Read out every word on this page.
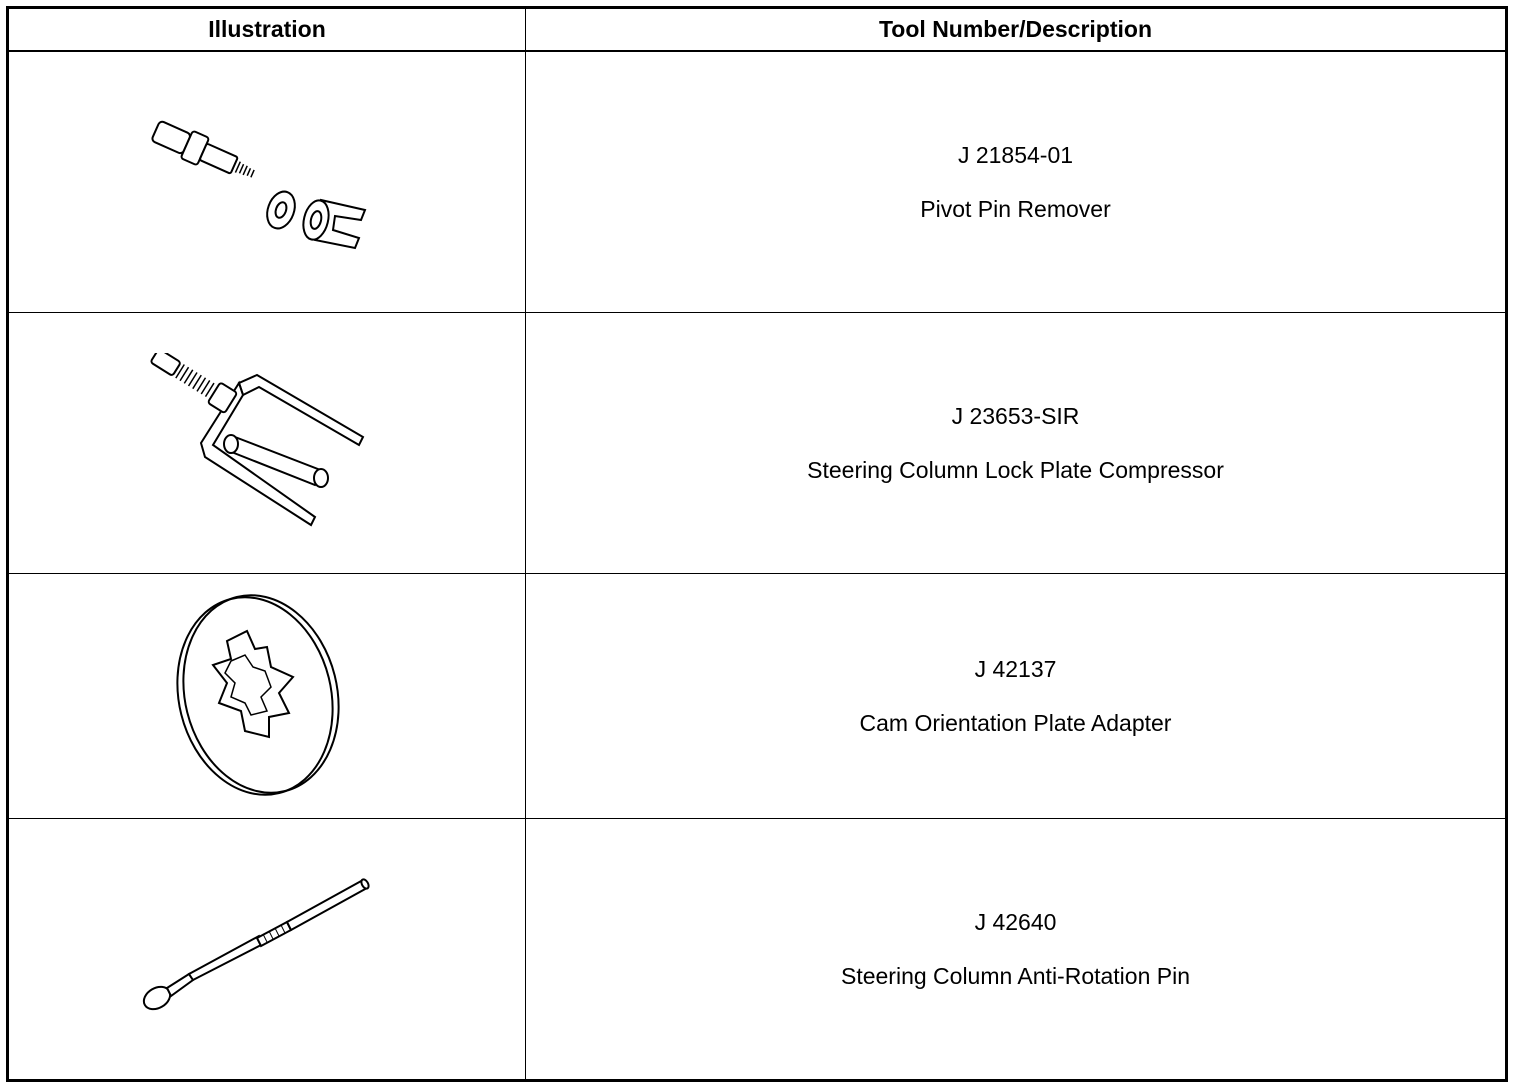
Illustration	Tool Number/Description

J 21854-01
Pivot Pin Remover

J 23653-SIR
Steering Column Lock Plate Compressor

J 42137
Cam Orientation Plate Adapter

J 42640
Steering Column Anti-Rotation Pin
